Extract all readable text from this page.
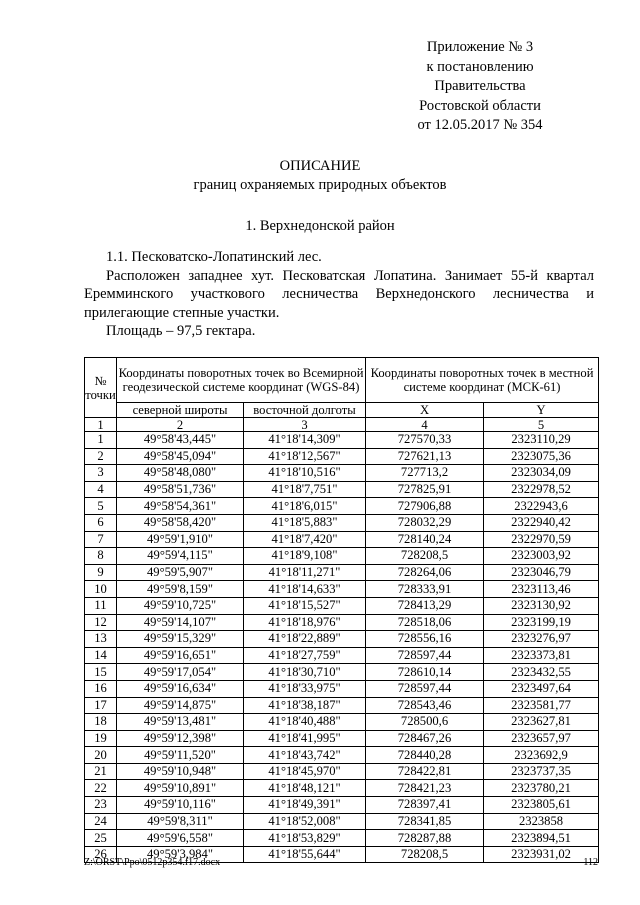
Приложение № 3
к постановлению
Правительства
Ростовской области
от 12.05.2017 № 354
ОПИСАНИЕ
границ охраняемых природных объектов
1. Верхнедонской район

1.1. Песковатско-Лопатинский лес.

Расположен западнее хут. Песковатская Лопатина. Занимает 55-й квартал

Еремминского участкового лесничества Верхнедонского лесничества и

прилегающие степные участки.

Площадь – 97,5 гектара.

№ точки	Координаты поворотных точек во Всемирной геодезической системе координат (WGS-84)		Координаты поворотных точек в местной системе координат (МСК-61)	
	северной широты	восточной долготы	X	Y
1	2	3	4	5
1	49°58'43,445"	41°18'14,309"	727570,33	2323110,29
2	49°58'45,094"	41°18'12,567"	727621,13	2323075,36
3	49°58'48,080"	41°18'10,516"	727713,2	2323034,09
4	49°58'51,736"	41°18'7,751"	727825,91	2322978,52
5	49°58'54,361"	41°18'6,015"	727906,88	2322943,6
6	49°58'58,420"	41°18'5,883"	728032,29	2322940,42
7	49°59'1,910"	41°18'7,420"	728140,24	2322970,59
8	49°59'4,115"	41°18'9,108"	728208,5	2323003,92
9	49°59'5,907"	41°18'11,271"	728264,06	2323046,79
10	49°59'8,159"	41°18'14,633"	728333,91	2323113,46
11	49°59'10,725"	41°18'15,527"	728413,29	2323130,92
12	49°59'14,107"	41°18'18,976"	728518,06	2323199,19
13	49°59'15,329"	41°18'22,889"	728556,16	2323276,97
14	49°59'16,651"	41°18'27,759"	728597,44	2323373,81
15	49°59'17,054"	41°18'30,710"	728610,14	2323432,55
16	49°59'16,634"	41°18'33,975"	728597,44	2323497,64
17	49°59'14,875"	41°18'38,187"	728543,46	2323581,77
18	49°59'13,481"	41°18'40,488"	728500,6	2323627,81
19	49°59'12,398"	41°18'41,995"	728467,26	2323657,97
20	49°59'11,520"	41°18'43,742"	728440,28	2323692,9
21	49°59'10,948"	41°18'45,970"	728422,81	2323737,35
22	49°59'10,891"	41°18'48,121"	728421,23	2323780,21
23	49°59'10,116"	41°18'49,391"	728397,41	2323805,61
24	49°59'8,311"	41°18'52,008"	728341,85	2323858
25	49°59'6,558"	41°18'53,829"	728287,88	2323894,51
26	49°59'3,984"	41°18'55,644"	728208,5	2323931,02
Z:\ORST\Ppo\0512p354.f17.docx	112
